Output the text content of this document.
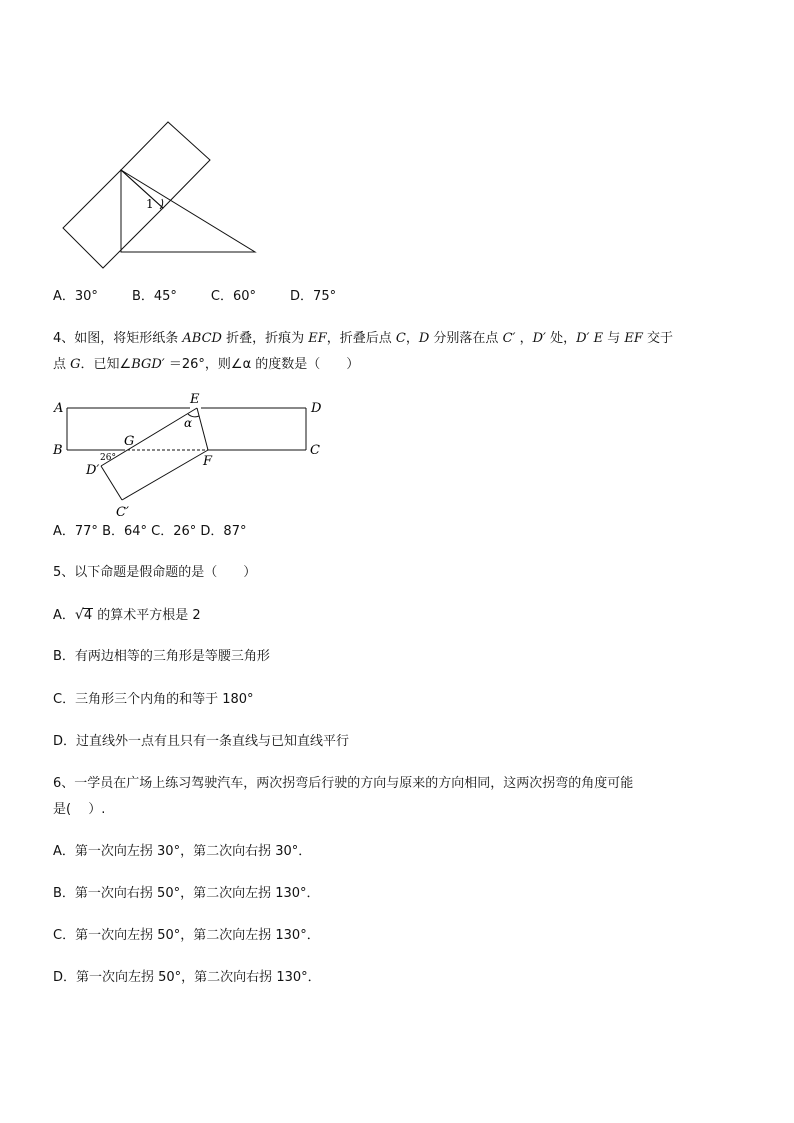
1
A．30°	B．45°	C．60°	D．75°
4、如图，将矩形纸条 ABCD 折叠，折痕为 EF，折叠后点 C，D 分别落在点 C′ ，D′ 处，D′ E 与 EF 交于
点 G．已知∠BGD′ ＝26°，则∠α 的度数是（　　）
A
B
D
C
E
F
G
D′
C′
α
26°
A．77° B．64° C．26° D．87°
5、以下命题是假命题的是（　　）
A．√4 的算术平方根是 2
B．有两边相等的三角形是等腰三角形
C．三角形三个内角的和等于 180°
D．过直线外一点有且只有一条直线与已知直线平行
6、一学员在广场上练习驾驶汽车，两次拐弯后行驶的方向与原来的方向相同，这两次拐弯的角度可能
是(　 ）.
A．第一次向左拐 30°，第二次向右拐 30°．
B．第一次向右拐 50°，第二次向左拐 130°．
C．第一次向左拐 50°，第二次向左拐 130°．
D．第一次向左拐 50°，第二次向右拐 130°．
